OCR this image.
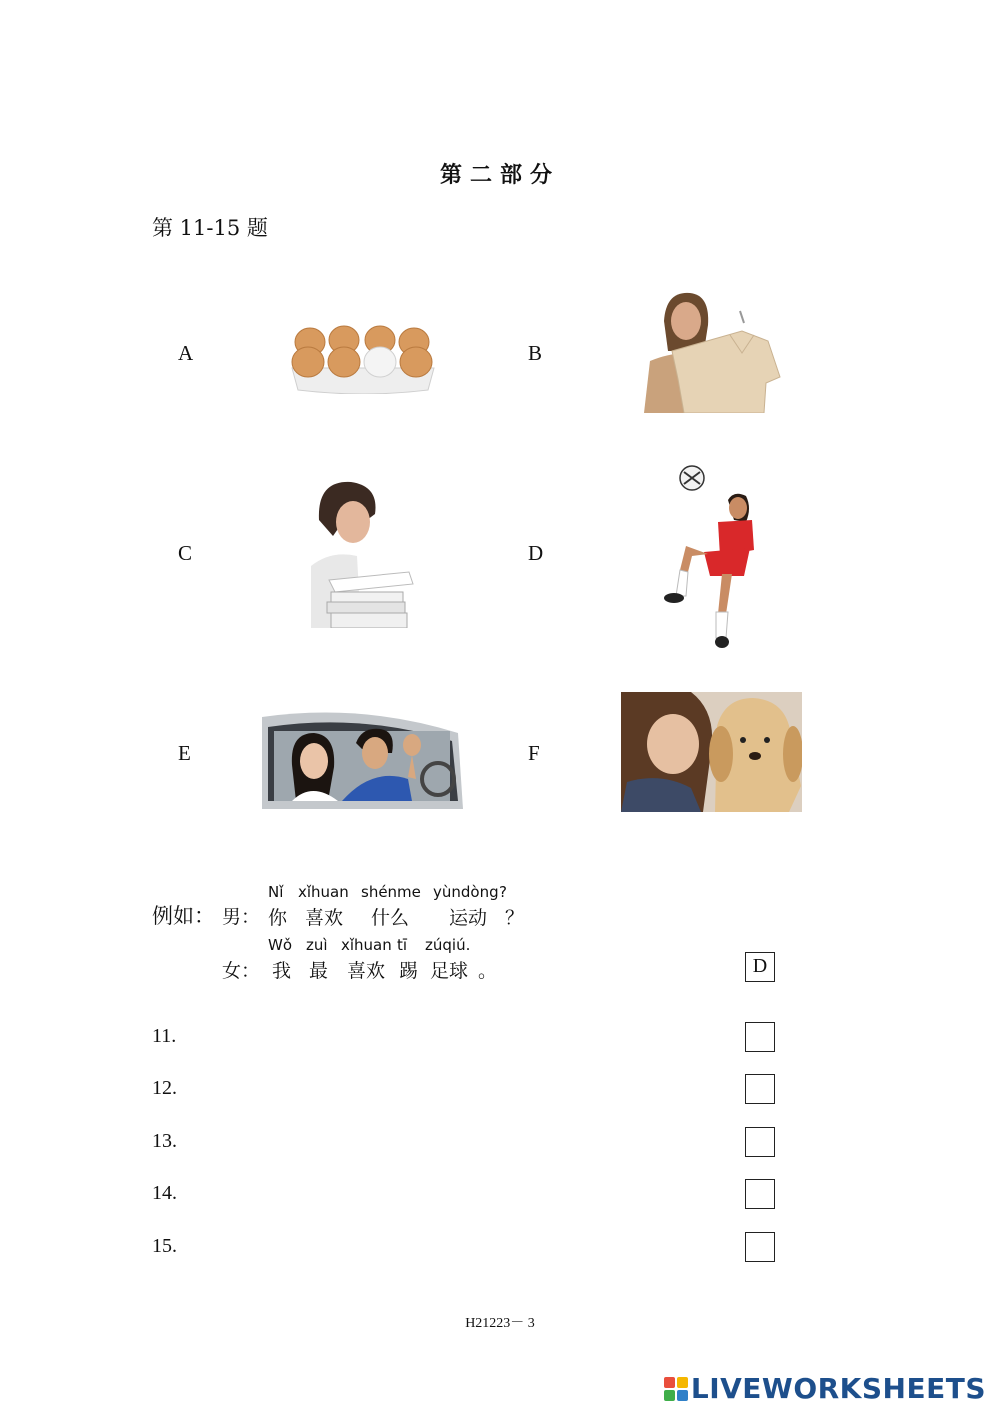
第二部分
第 11-15 题
A	B
C	D
E	F
例如： 男：
Nǐ xǐhuan shénme yùndòng ?
你 喜欢 什么 运动 ？
女：
Wǒ zuì xǐhuan tī zúqiú.
我 最 喜欢 踢 足球 。	D
11.
12.
13.
14.
15.
H21223－ 3
LIVEWORKSHEETS
